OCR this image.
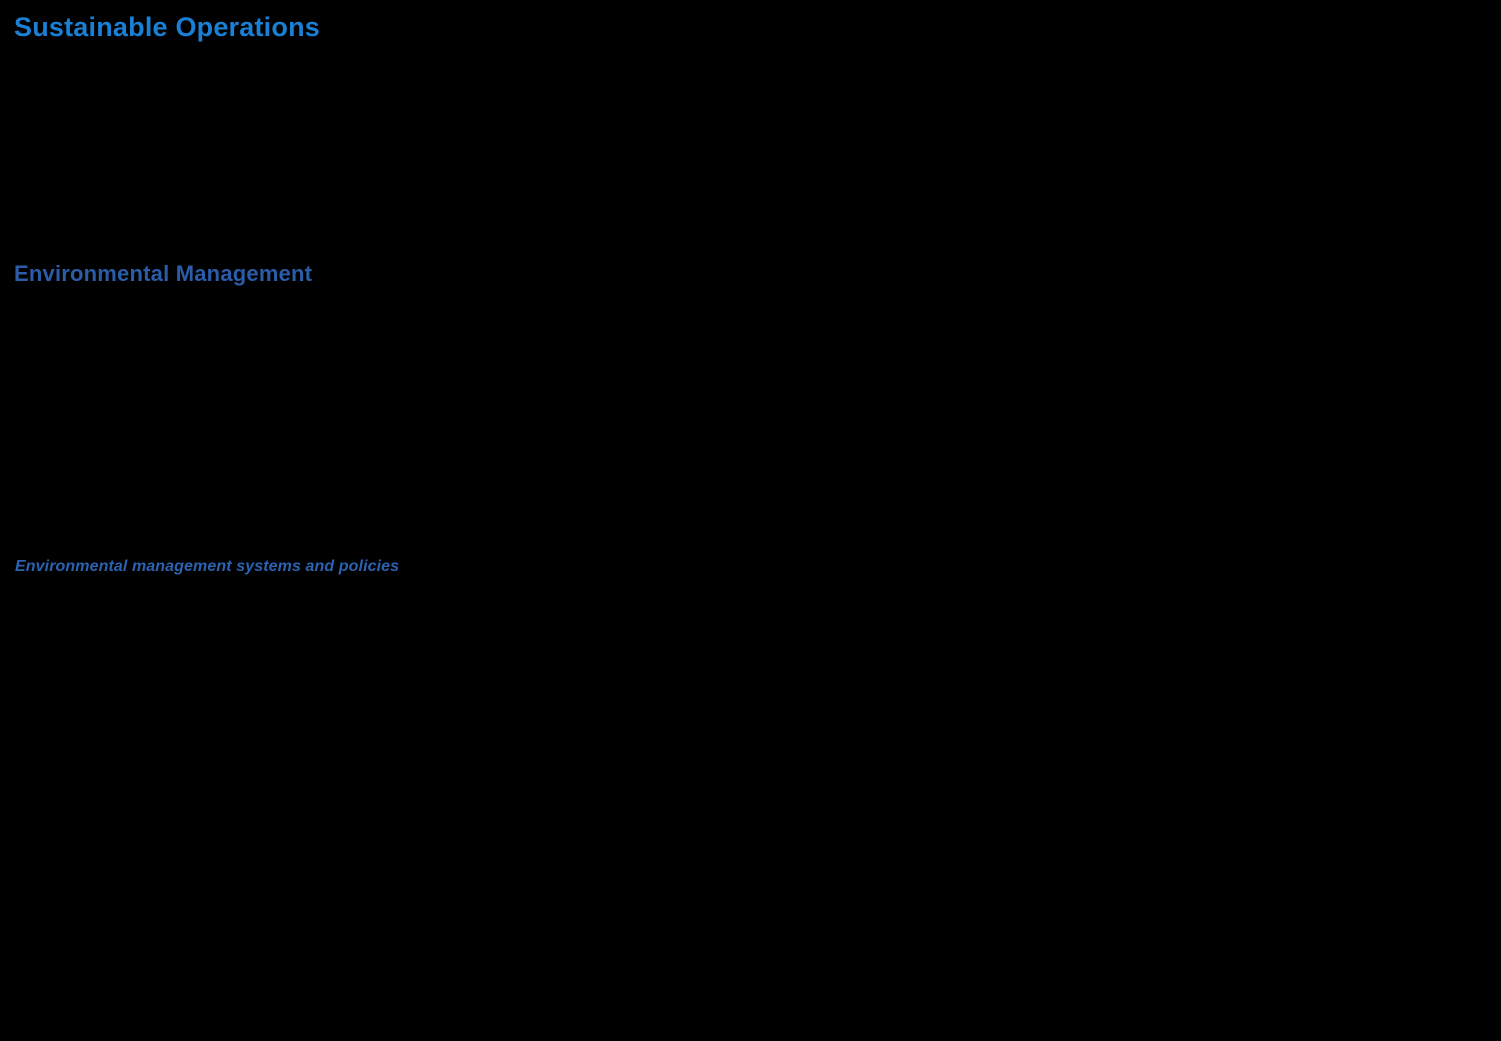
Sustainable Operations
Environmental Management
Environmental management systems and policies
